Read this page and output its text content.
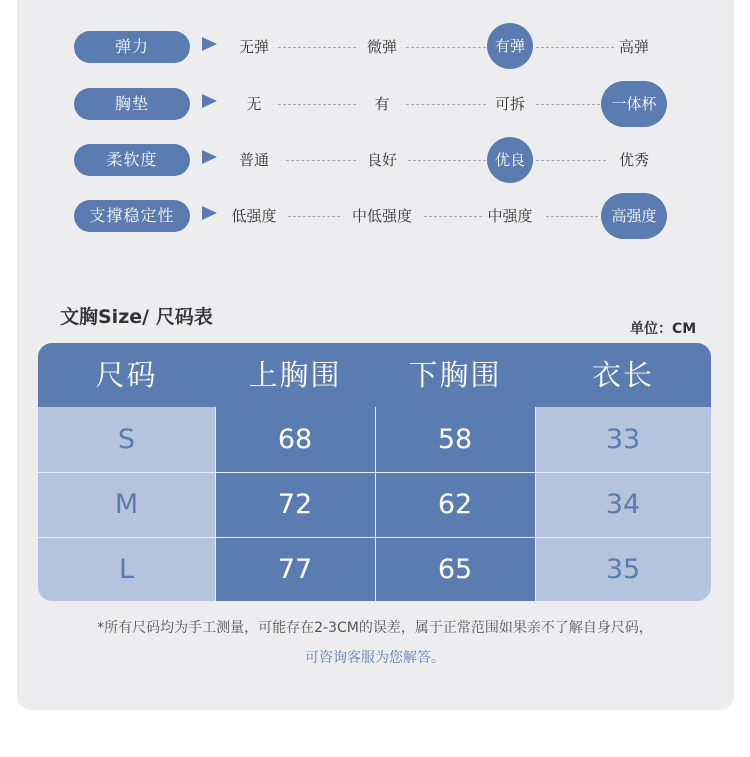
弹力	无弹	微弹	有弹	高弹
胸垫	无	有	可拆	一体杯
柔软度	普通	良好	优良	优秀
支撑稳定性	低强度	中低强度	中强度	高强度
文胸Size/ 尺码表
单位：CM
尺码	上胸围	下胸围	衣长
S	68	58	33
M	72	62	34
L	77	65	35
*所有尺码均为手工测量，可能存在2-3CM的误差，属于正常范围如果亲不了解自身尺码，
可咨询客服为您解答。
